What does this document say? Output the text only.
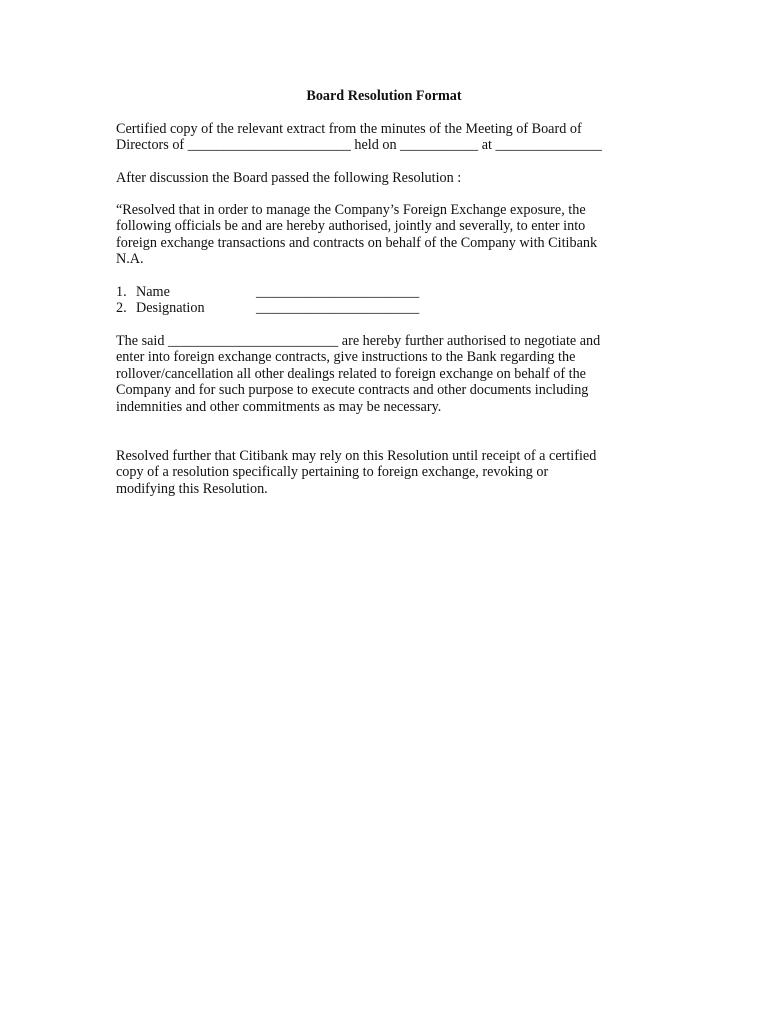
Board Resolution Format

Certified copy of the relevant extract from the minutes of the Meeting of Board of
Directors of _______________________ held on ___________ at _______________

After discussion the Board passed the following Resolution :

“Resolved that in order to manage the Company’s Foreign Exchange exposure, the
following officials be and are hereby authorised, jointly and severally, to enter into
foreign exchange transactions and contracts on behalf of the Company with Citibank
N.A.

1. Name	_______________________
2. Designation	_______________________

The said ________________________ are hereby further authorised to negotiate and
enter into foreign exchange contracts, give instructions to the Bank regarding the
rollover/cancellation all other dealings related to foreign exchange on behalf of the
Company and for such purpose to execute contracts and other documents including
indemnities and other commitments as may be necessary.

Resolved further that Citibank may rely on this Resolution until receipt of a certified
copy of a resolution specifically pertaining to foreign exchange, revoking or
modifying this Resolution.
